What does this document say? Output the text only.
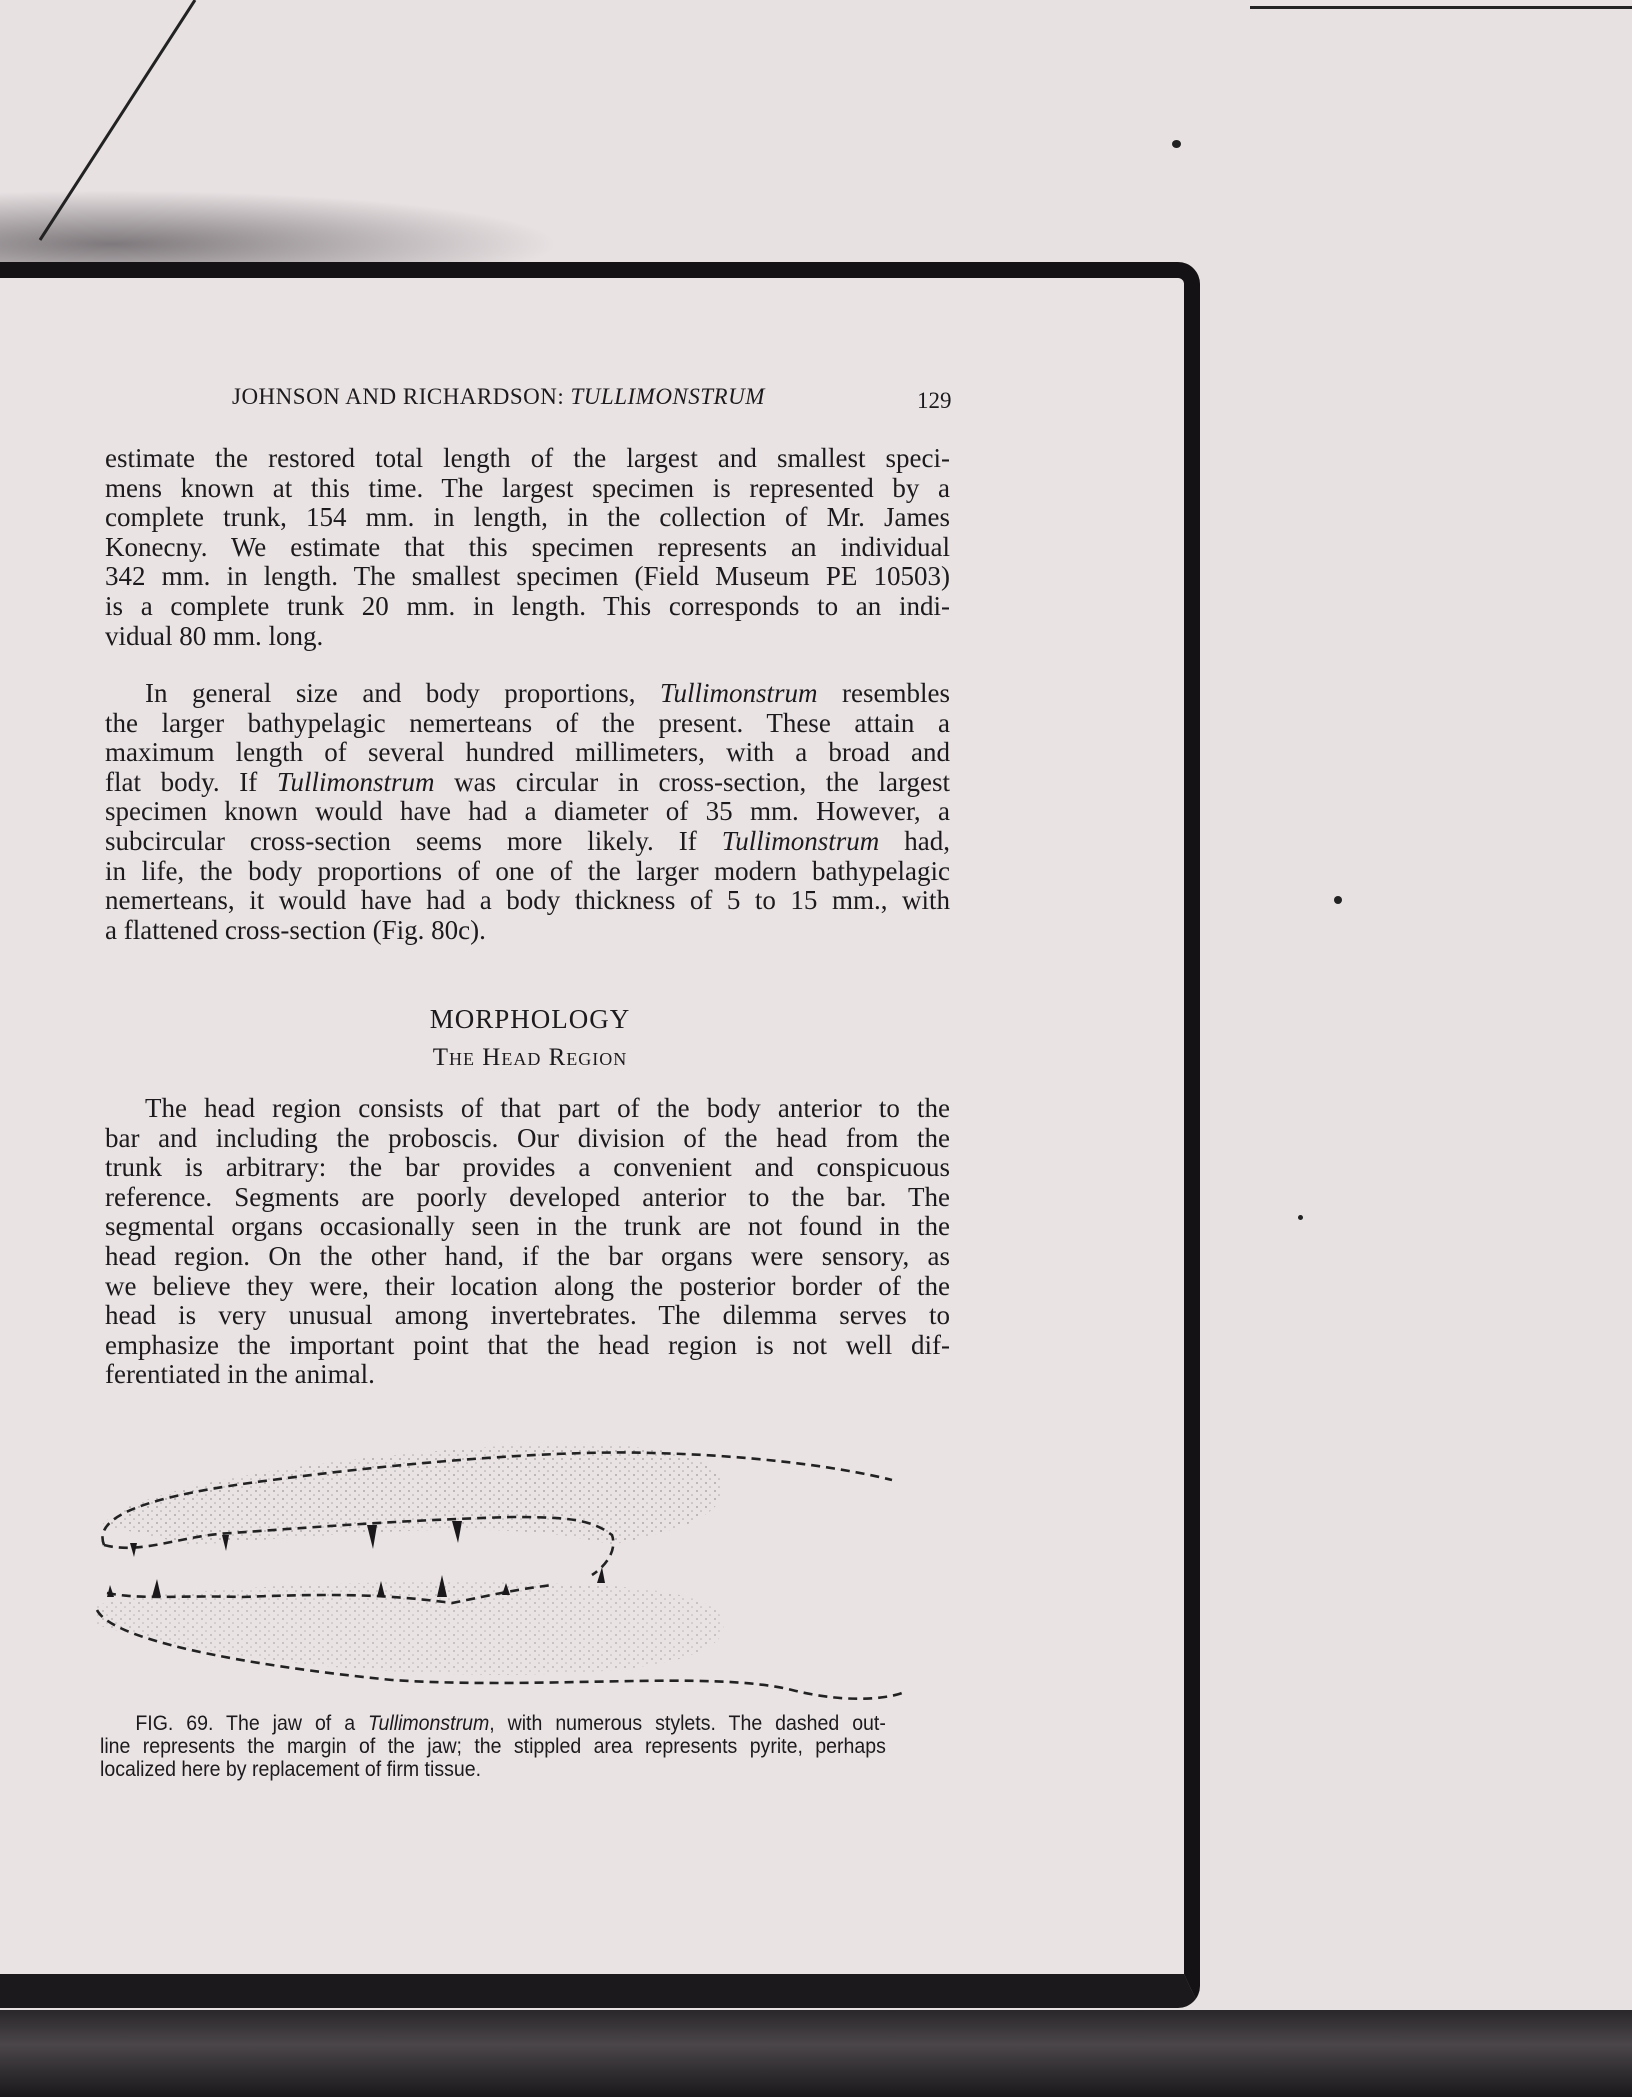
JOHNSON AND RICHARDSON: TULLIMONSTRUM	129
estimate the restored total length of the largest and smallest speci-
mens known at this time. The largest specimen is represented by a
complete trunk, 154 mm. in length, in the collection of Mr. James
Konecny. We estimate that this specimen represents an individual
342 mm. in length. The smallest specimen (Field Museum PE 10503)
is a complete trunk 20 mm. in length. This corresponds to an indi-
vidual 80 mm. long.
In general size and body proportions, Tullimonstrum resembles
the larger bathypelagic nemerteans of the present. These attain a
maximum length of several hundred millimeters, with a broad and
flat body. If Tullimonstrum was circular in cross-section, the largest
specimen known would have had a diameter of 35 mm. However, a
subcircular cross-section seems more likely. If Tullimonstrum had,
in life, the body proportions of one of the larger modern bathypelagic
nemerteans, it would have had a body thickness of 5 to 15 mm., with
a flattened cross-section (Fig. 80c).
MORPHOLOGY
The Head Region
The head region consists of that part of the body anterior to the
bar and including the proboscis. Our division of the head from the
trunk is arbitrary: the bar provides a convenient and conspicuous
reference. Segments are poorly developed anterior to the bar. The
segmental organs occasionally seen in the trunk are not found in the
head region. On the other hand, if the bar organs were sensory, as
we believe they were, their location along the posterior border of the
head is very unusual among invertebrates. The dilemma serves to
emphasize the important point that the head region is not well dif-
ferentiated in the animal.
FIG. 69. The jaw of a Tullimonstrum, with numerous stylets. The dashed out-
line represents the margin of the jaw; the stippled area represents pyrite, perhaps
localized here by replacement of firm tissue.
